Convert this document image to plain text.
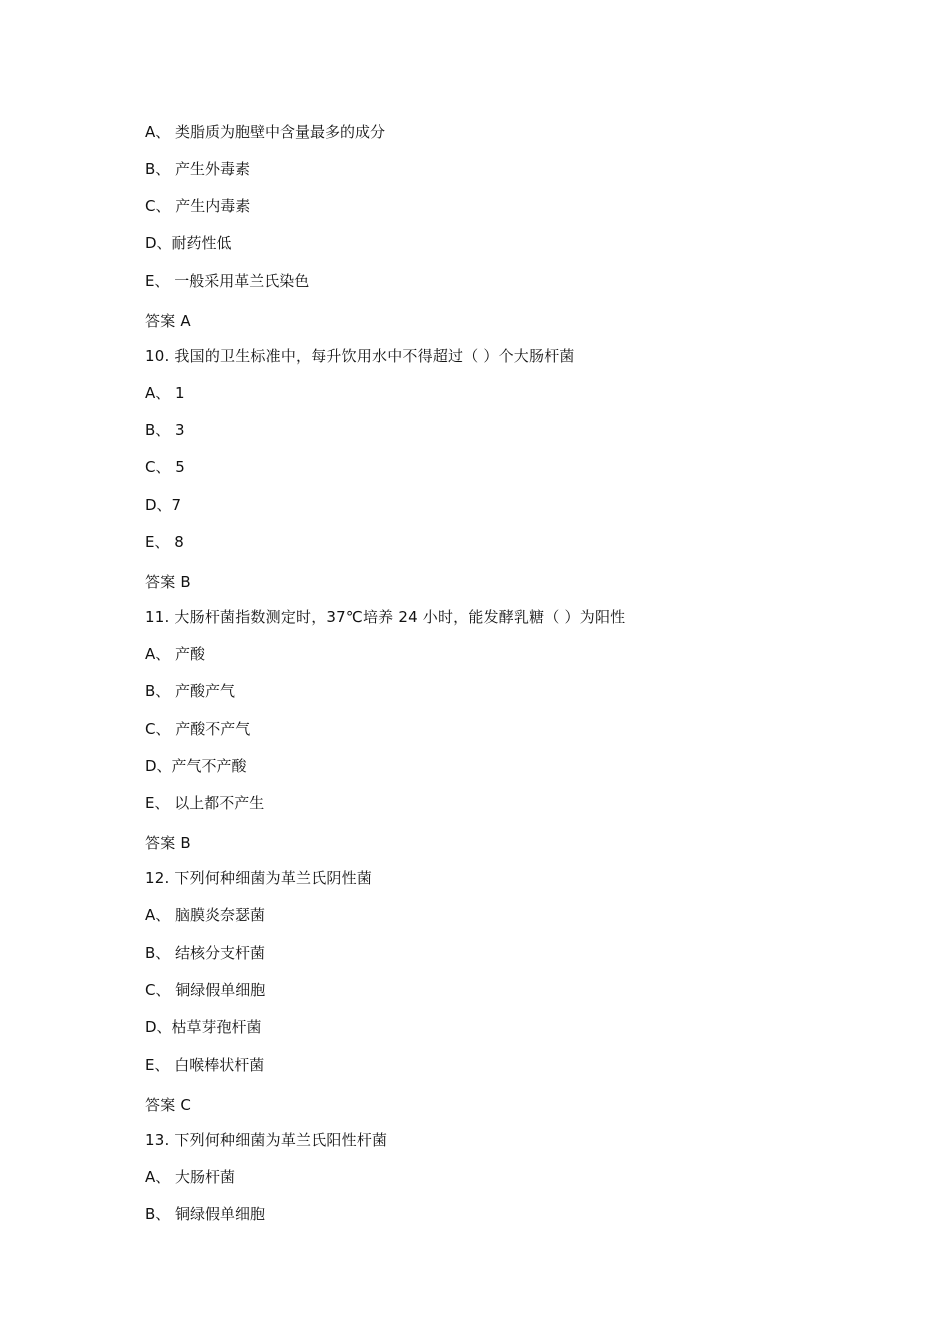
A、 类脂质为胞壁中含量最多的成分

B、 产生外毒素

C、 产生内毒素

D、耐药性低

E、 一般采用革兰氏染色

答案 A

10. 我国的卫生标准中，每升饮用水中不得超过（ ）个大肠杆菌

A、 1

B、 3

C、 5

D、7

E、 8

答案 B

11. 大肠杆菌指数测定时，37℃培养 24 小时，能发酵乳糖（ ）为阳性

A、 产酸

B、 产酸产气

C、 产酸不产气

D、产气不产酸

E、 以上都不产生

答案 B

12. 下列何种细菌为革兰氏阴性菌

A、 脑膜炎奈瑟菌

B、 结核分支杆菌

C、 铜绿假单细胞

D、枯草芽孢杆菌

E、 白喉棒状杆菌

答案 C

13. 下列何种细菌为革兰氏阳性杆菌

A、 大肠杆菌

B、 铜绿假单细胞
